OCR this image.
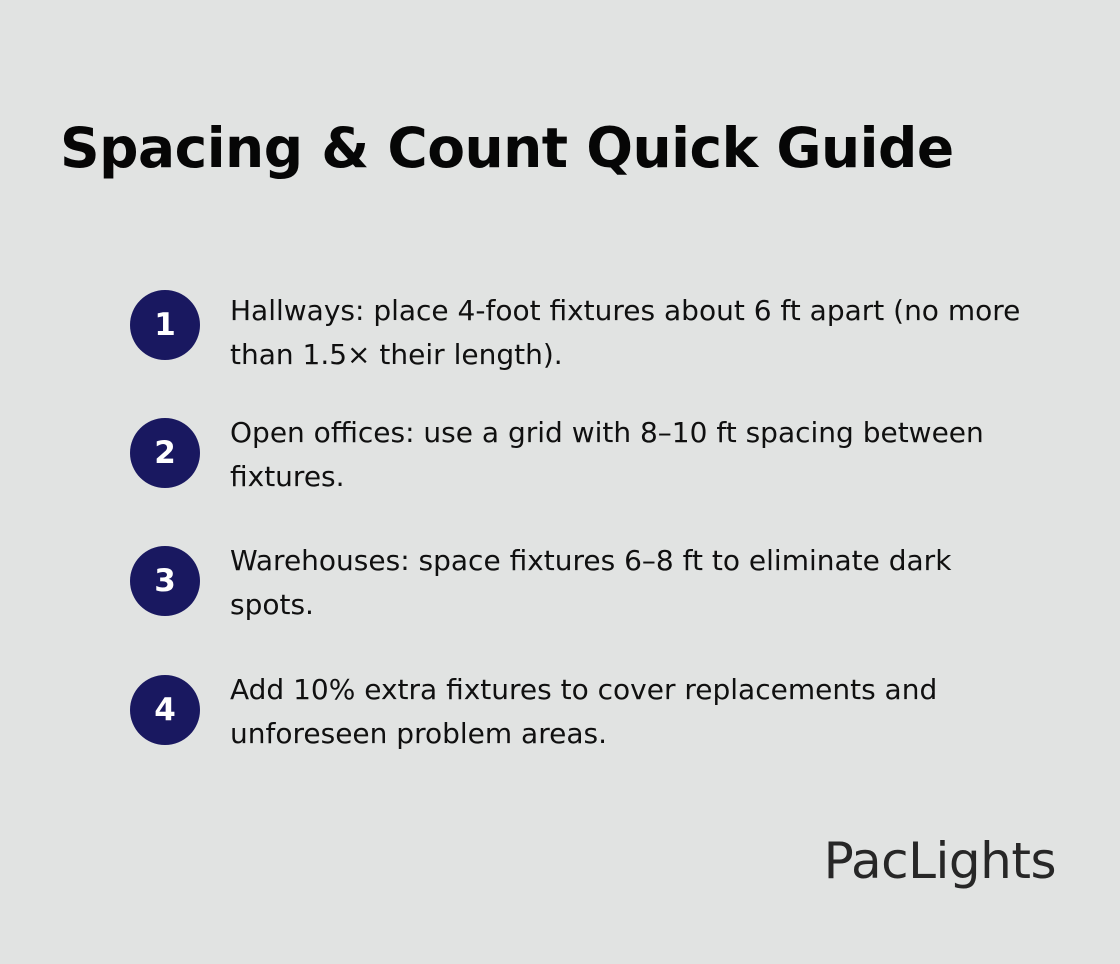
Spacing & Count Quick Guide
1	Hallways: place 4-foot fixtures about 6 ft apart (no more than 1.5× their length).
2
Open offices: use a grid with 8–10 ft spacing between fixtures.
3
Warehouses: space fixtures 6–8 ft to eliminate dark spots.
4
Add 10% extra fixtures to cover replacements and unforeseen problem areas.
PacLights
